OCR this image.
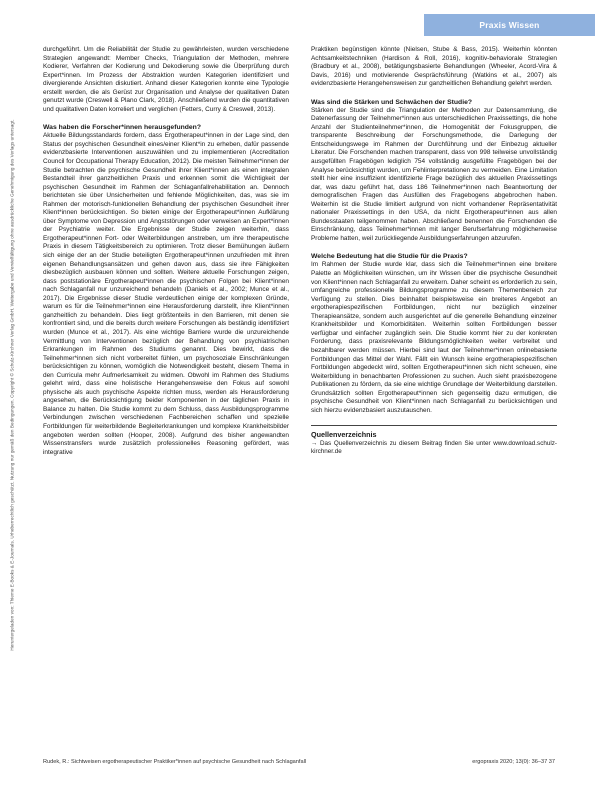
Praxis Wissen
Heruntergeladen von: Thieme E-Books & E-Journals. Urheberrechtlich geschützt. Nutzung nur gemäß den Bedingungen. Copyright © Schulz-Kirchner Verlag GmbH. Weitergabe und Vervielfältigung ohne ausdrückliche Genehmigung des Verlags untersagt.

durchgeführt. Um die Reliabilität der Studie zu gewährleisten, wurden verschiedene Strategien angewandt: Member Checks, Triangulation der Methoden, mehrere Kodierer, Verfahren der Kodierung und Dekodierung sowie die Überprüfung durch Expert*innen. Im Prozess der Abstraktion wurden Kategorien identifiziert und divergierende Ansichten diskutiert. Anhand dieser Kategorien konnte eine Typologie erstellt werden, die als Gerüst zur Organisation und Analyse der qualitativen Daten genutzt wurde (Creswell & Plano Clark, 2018). Anschließend wurden die quantitativen und qualitativen Daten korreliert und verglichen (Fetters, Curry & Creswell, 2013).

Was haben die Forscher*innen herausgefunden?

Aktuelle Bildungsstandards fordern, dass Ergotherapeut*innen in der Lage sind, den Status der psychischen Gesundheit eines/einer Klient*in zu erheben, dafür passende evidenzbasierte Interventionen auszuwählen und zu implementieren (Accreditation Council for Occupational Therapy Education, 2012). Die meisten Teilnehmer*innen der Studie betrachten die psychische Gesundheit ihrer Klient*innen als einen integralen Bestandteil ihrer ganzheitlichen Praxis und erkennen somit die Wichtigkeit der psychischen Gesundheit im Rahmen der Schlaganfallrehabilitation an. Dennoch berichteten sie über Unsicherheiten und fehlende Möglichkeiten, das, was sie im Rahmen der motorisch-funktionellen Behandlung der psychischen Gesundheit ihrer Klient*innen berücksichtigen. So bieten einige der Ergotherapeut*innen Aufklärung über Symptome von Depression und Angststörungen oder verweisen an Expert*innen der Psychiatrie weiter. Die Ergebnisse der Studie zeigen weiterhin, dass Ergotherapeut*innen Fort- oder Weiterbildungen anstreben, um ihre therapeutische Praxis in diesem Tätigkeitsbereich zu optimieren. Trotz dieser Bemühungen äußern sich einige der an der Studie beteiligten Ergotherapeut*innen unzufrieden mit ihren eigenen Behandlungsansätzen und gehen davon aus, dass sie ihre Fähigkeiten diesbezüglich ausbauen können und sollten. Weitere aktuelle Forschungen zeigen, dass poststationäre Ergotherapeut*innen die psychischen Folgen bei Klient*innen nach Schlaganfall nur unzureichend behandeln (Daniels et al., 2002; Munce et al., 2017). Die Ergebnisse dieser Studie verdeutlichen einige der komplexen Gründe, warum es für die Teilnehmer*innen eine Herausforderung darstellt, ihre Klient*innen ganzheitlich zu behandeln. Dies liegt größtenteils in den Barrieren, mit denen sie konfrontiert sind, und die bereits durch weitere Forschungen als beständig identifiziert wurden (Munce et al., 2017). Als eine wichtige Barriere wurde die unzureichende Vermittlung von Interventionen bezüglich der Behandlung von psychiatrischen Erkrankungen im Rahmen des Studiums genannt. Dies bewirkt, dass die Teilnehmer*innen sich nicht vorbereitet fühlen, um psychosoziale Einschränkungen berücksichtigen zu können, womöglich die Notwendigkeit besteht, diesem Thema in den Curricula mehr Aufmerksamkeit zu widmen. Obwohl im Rahmen des Studiums gelehrt wird, dass eine holistische Herangehensweise den Fokus auf sowohl physische als auch psychische Aspekte richten muss, werden als Herausforderung angesehen, die Berücksichtigung beider Komponenten in der täglichen Praxis in Balance zu halten. Die Studie kommt zu dem Schluss, dass Ausbildungsprogramme Verbindungen zwischen verschiedenen Fachbereichen schaffen und spezielle Fortbildungen für weiterbildende Begleiterkrankungen und komplexe Krankheitsbilder angeboten werden sollten (Hooper, 2008). Aufgrund des bisher angewandten Wissenstransfers wurde zusätzlich professionelles Reasoning gefördert, was integrative

Praktiken begünstigen könnte (Nielsen, Stube & Bass, 2015). Weiterhin könnten Achtsamkeitstechniken (Hardison & Roll, 2016), kognitiv-behaviorale Strategien (Bradbury et al., 2008), betätigungsbasierte Behandlungen (Wheeler, Acord-Vira & Davis, 2016) und motivierende Gesprächsführung (Watkins et al., 2007) als evidenzbasierte Herangehensweisen zur ganzheitlichen Behandlung gelehrt werden.

Was sind die Stärken und Schwächen der Studie?

Stärken der Studie sind die Triangulation der Methoden zur Datensammlung, die Datenerfassung der Teilnehmer*innen aus unterschiedlichen Praxissettings, die hohe Anzahl der Studienteilnehmer*innen, die Homogenität der Fokusgruppen, die transparente Beschreibung der Forschungsmethode, die Darlegung der Entscheidungswege im Rahmen der Durchführung und der Einbezug aktueller Literatur. Die Forschenden machen transparent, dass von 998 teilweise unvollständig ausgefüllten Fragebögen lediglich 754 vollständig ausgefüllte Fragebögen bei der Analyse berücksichtigt wurden, um Fehlinterpretationen zu vermeiden. Eine Limitation stellt hier eine insuffizient identifizierte Frage bezüglich des aktuellen Praxissettings dar, was dazu geführt hat, dass 186 Teilnehmer*innen nach Beantwortung der demografischen Fragen das Ausfüllen des Fragebogens abgebrochen haben. Weiterhin ist die Studie limitiert aufgrund von nicht vorhandener Repräsentativität nationaler Praxissettings in den USA, da nicht Ergotherapeut*innen aus allen Bundesstaaten teilgenommen haben. Abschließend benennen die Forschenden die Einschränkung, dass Teilnehmer*innen mit langer Berufserfahrung möglicherweise Probleme hatten, weil zurückliegende Ausbildungserfahrungen abzurufen.

Welche Bedeutung hat die Studie für die Praxis?

Im Rahmen der Studie wurde klar, dass sich die Teilnehmer*innen eine breitere Palette an Möglichkeiten wünschen, um ihr Wissen über die psychische Gesundheit von Klient*innen nach Schlaganfall zu erweitern. Daher scheint es erforderlich zu sein, umfangreiche professionelle Bildungsprogramme zu diesem Themenbereich zur Verfügung zu stellen. Dies beinhaltet beispielsweise ein breiteres Angebot an ergotherapiespezifischen Fortbildungen, nicht nur bezüglich einzelner Therapieansätze, sondern auch ausgerichtet auf die generelle Behandlung einzelner Krankheitsbilder und Komorbiditäten. Weiterhin sollten Fortbildungen besser verfügbar und einfacher zugänglich sein. Die Studie kommt hier zu der konkreten Forderung, dass praxisrelevante Bildungsmöglichkeiten weiter verbreitet und bezahlbarer werden müssen. Hierbei sind laut der Teilnehmer*innen onlinebasierte Fortbildungen das Mittel der Wahl. Fällt ein Wunsch keine ergotherapiespezifischen Fortbildungen abgedeckt wird, sollten Ergotherapeut*innen sich nicht scheuen, eine Weiterbildung in benachbarten Professionen zu suchen. Auch sieht praxisbezogene Publikationen zu fördern, da sie eine wichtige Grundlage der Weiterbildung darstellen. Grundsätzlich sollten Ergotherapeut*innen sich gegenseitig dazu ermutigen, die psychische Gesundheit von Klient*innen nach Schlaganfall zu berücksichtigen und sich hierzu evidenzbasiert auszutauschen.

Quellenverzeichnis

→ Das Quellenverzeichnis zu diesem Beitrag finden Sie unter www.download.schulz-kirchner.de

Rudek, R.: Sichtweisen ergotherapeutischer Praktiker*innen auf psychische Gesundheit nach Schlaganfall	ergopraxis 2020; 13(0): 36–37 37
